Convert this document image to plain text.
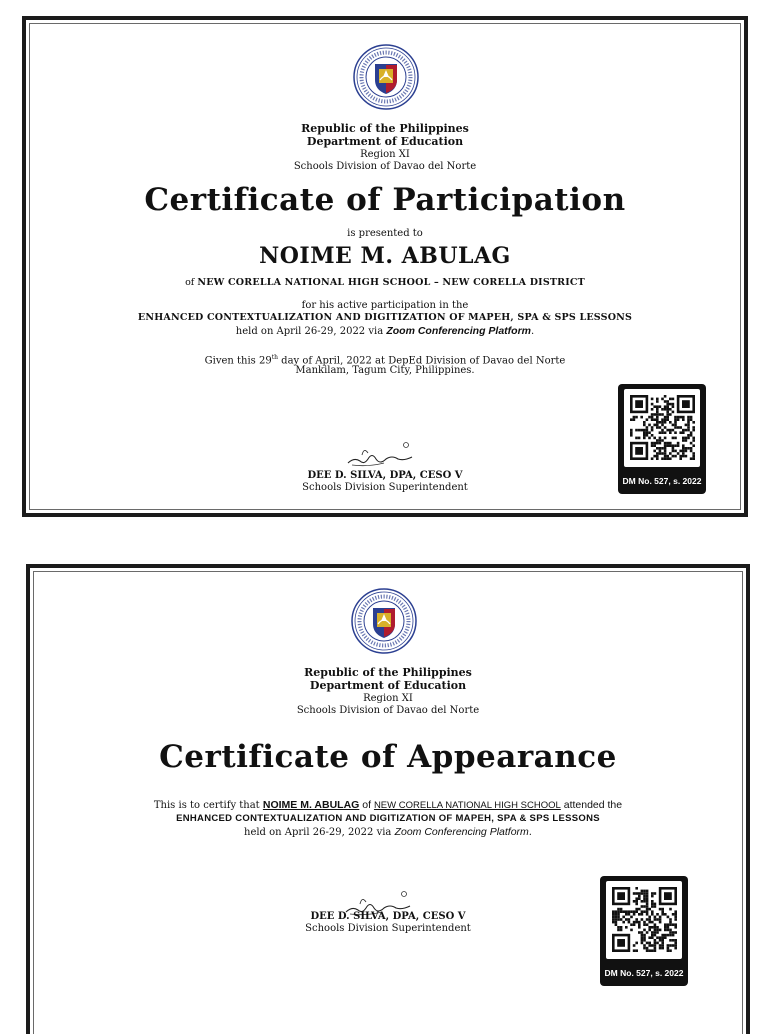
Republic of the Philippines
Department of Education
Region XI
Schools Division of Davao del Norte
Certificate of Participation
is presented to
NOIME M. ABULAG
of NEW CORELLA NATIONAL HIGH SCHOOL – NEW CORELLA DISTRICT
for his active participation in the
ENHANCED CONTEXTUALIZATION AND DIGITIZATION OF MAPEH, SPA & SPS LESSONS
held on April 26-29, 2022 via Zoom Conferencing Platform.
Given this 29th day of April, 2022 at DepEd Division of Davao del Norte
Mankilam, Tagum City, Philippines.
DEE D. SILVA, DPA, CESO V
Schools Division Superintendent
DM No. 527, s. 2022
Republic of the Philippines
Department of Education
Region XI
Schools Division of Davao del Norte
Certificate of Appearance
This is to certify that NOIME M. ABULAG of NEW CORELLA NATIONAL HIGH SCHOOL attended the
ENHANCED CONTEXTUALIZATION AND DIGITIZATION OF MAPEH, SPA & SPS LESSONS
held on April 26-29, 2022 via Zoom Conferencing Platform.
DEE D. SILVA, DPA, CESO V
Schools Division Superintendent
DM No. 527, s. 2022
